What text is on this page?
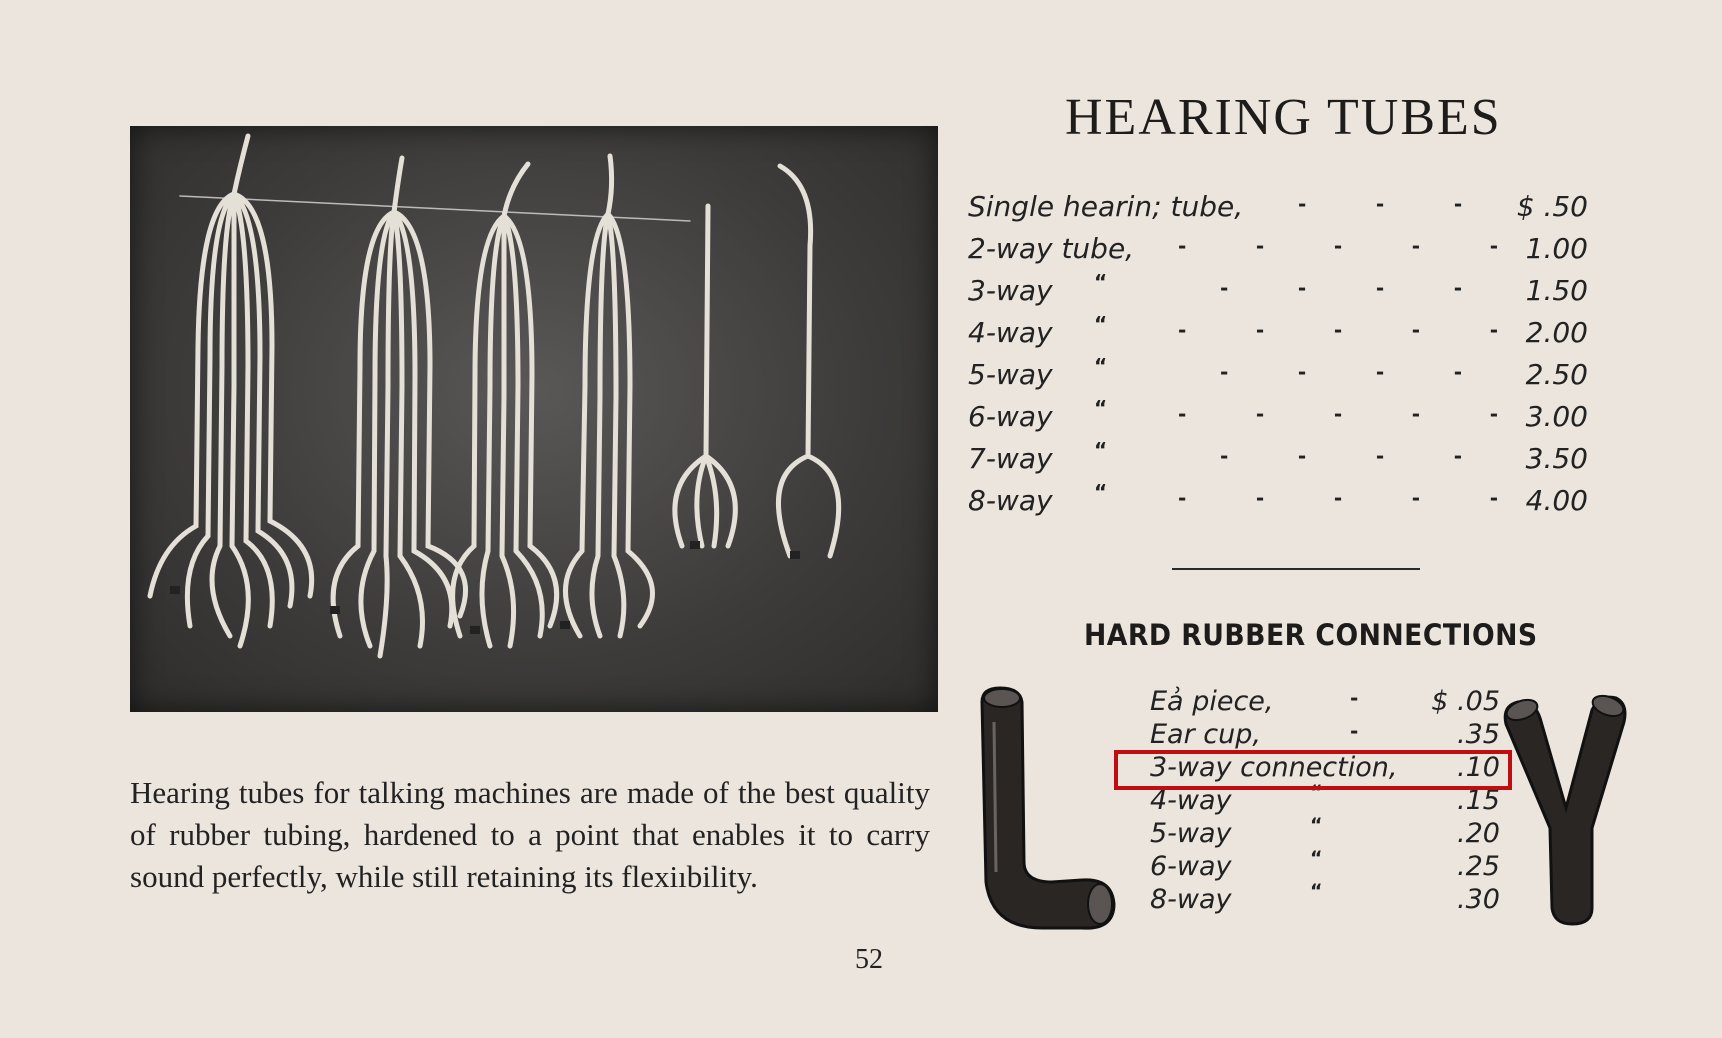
Hearing tubes for talking machines are made of the best quality of rubber tubing, hardened to a point that enables it to carry sound perfectly, while still retaining its flexiıbility.
52
HEARING TUBES
Single hearin; tube,	-          -          - $ .50
2-way tube, -          -          -          -          - 1.00
3-way “	-          -          -          - 1.50
4-way “	-          -          -          -          - 2.00
5-way “	-          -          -          - 2.50
6-way “	-          -          -          -          - 3.00
7-way “	-          -          -          - 3.50
8-way “	-          -          -          -          - 4.00
HARD RUBBER CONNECTIONS
Ea͗ piece,	-	$ .05
Ear cup,	-	.35
3-way connection, .10
4-way	“	.15
5-way	“	.20
6-way	“	.25
8-way	“	.30
